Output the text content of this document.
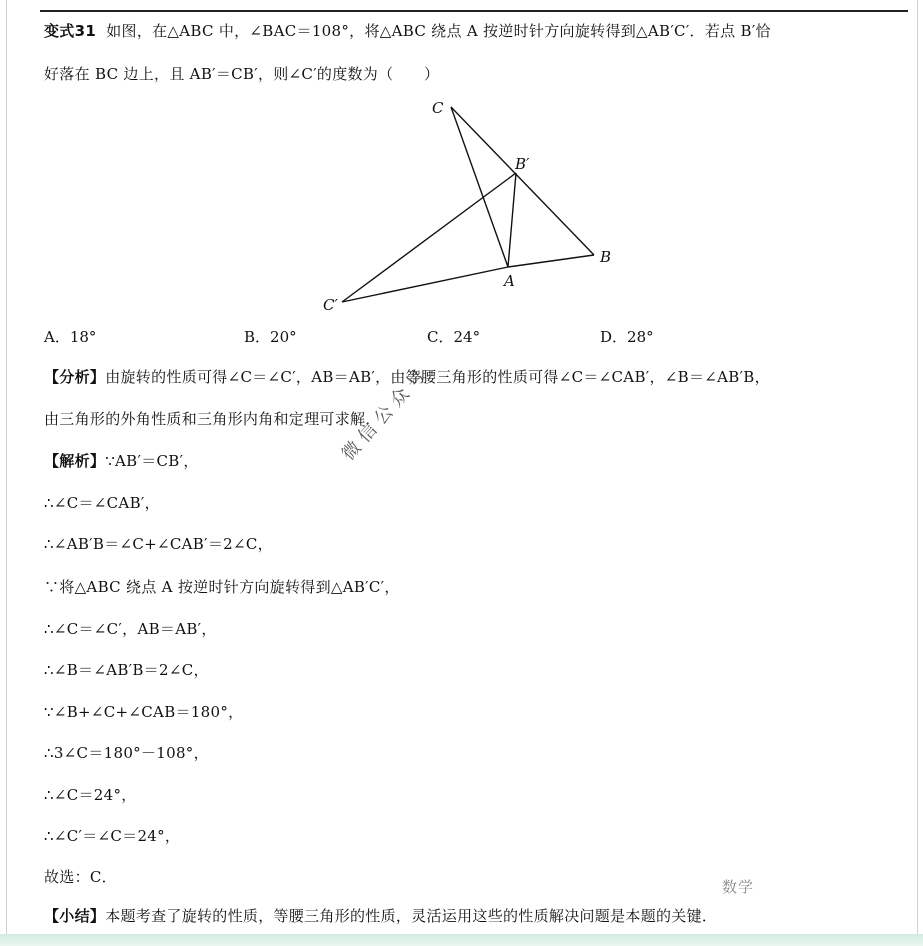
变式31 如图，在△ABC 中，∠BAC＝108°，将△ABC 绕点 A 按逆时针方向旋转得到△AB′C′．若点 B′恰
好落在 BC 边上，且 AB′＝CB′，则∠C′的度数为（　　）
C
B′
B
A
C′
A．18°	B．20°	C．24°	D．28°
【分析】由旋转的性质可得∠C＝∠C′，AB＝AB′，由等腰三角形的性质可得∠C＝∠CAB′，∠B＝∠AB′B，
由三角形的外角性质和三角形内角和定理可求解．
【解析】∵AB′＝CB′，
∴∠C＝∠CAB′，
∴∠AB′B＝∠C+∠CAB′＝2∠C，
∵将△ABC 绕点 A 按逆时针方向旋转得到△AB′C′，
∴∠C＝∠C′，AB＝AB′，
∴∠B＝∠AB′B＝2∠C，
∵∠B+∠C+∠CAB＝180°，
∴3∠C＝180°－108°，
∴∠C＝24°，
∴∠C′＝∠C＝24°，
故选：C．
【小结】本题考查了旋转的性质，等腰三角形的性质，灵活运用这些的性质解决问题是本题的关键．
微信公众号
数学
